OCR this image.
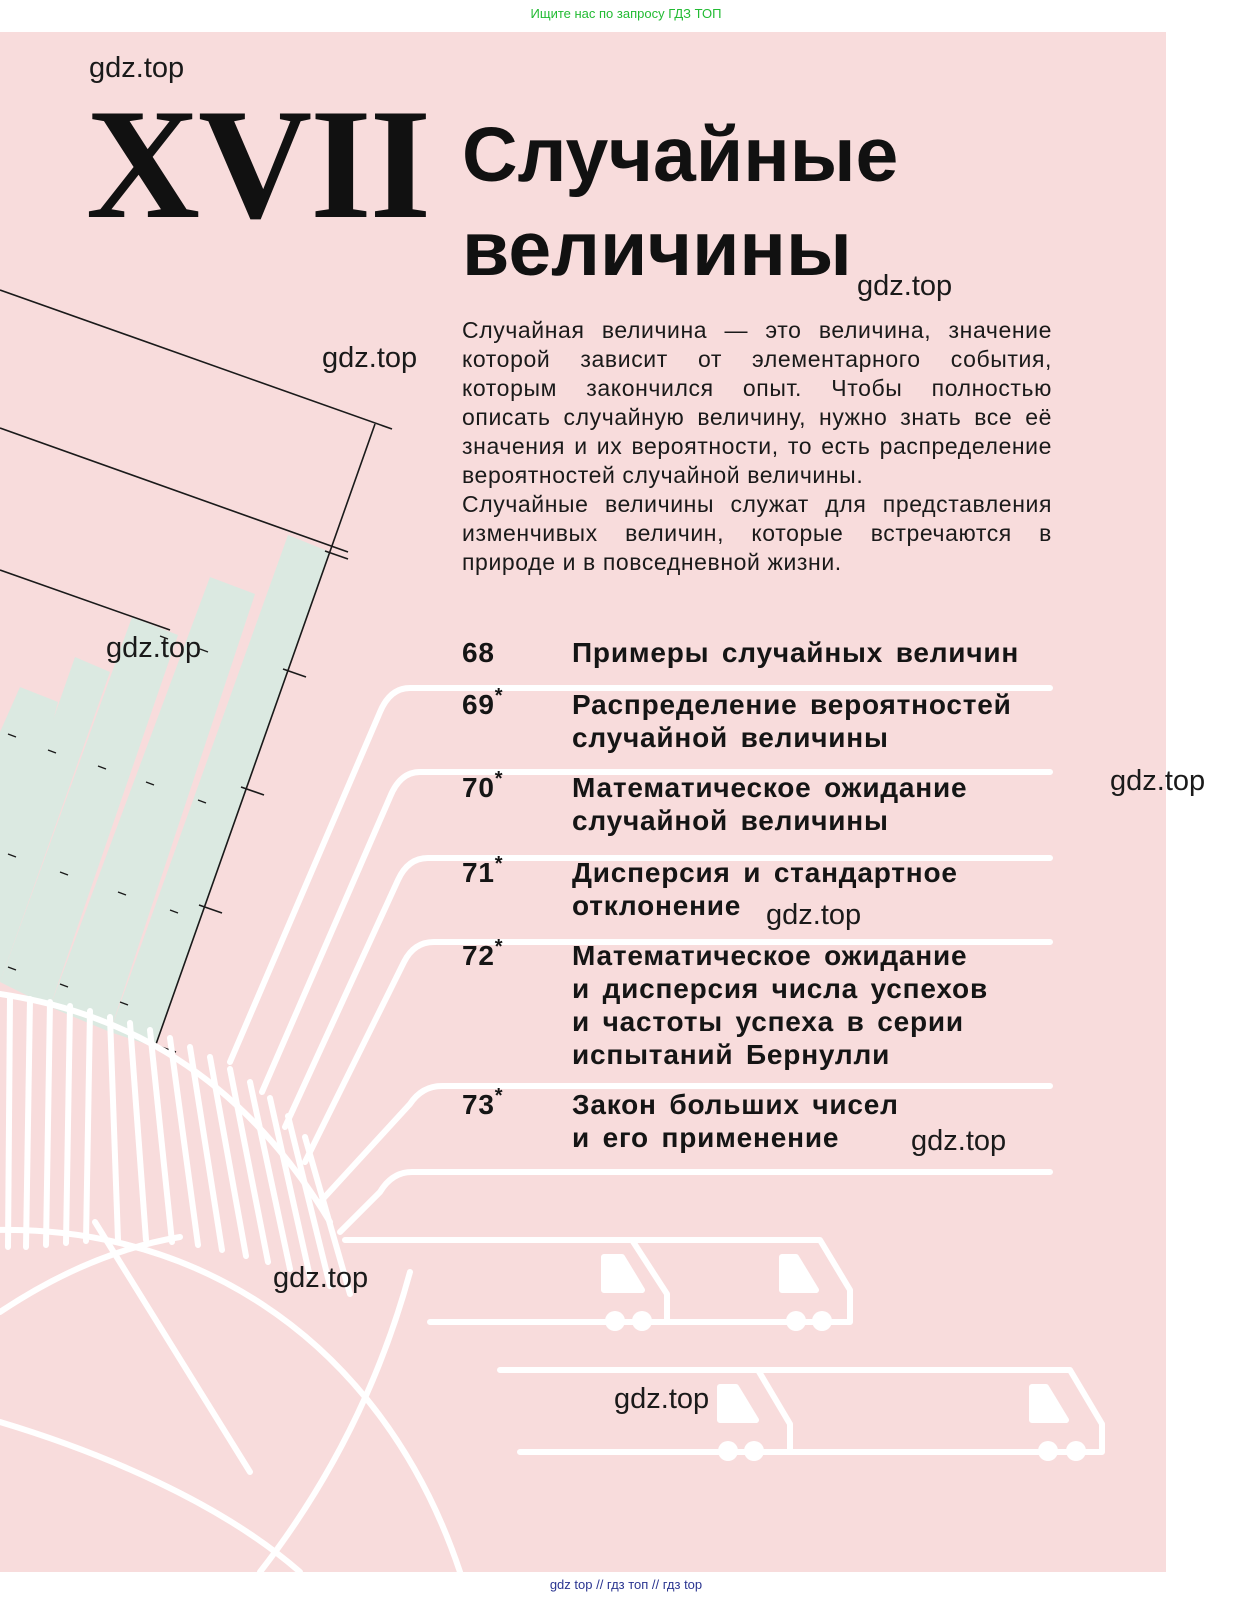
Ищите нас по запросу ГДЗ ТОП
XVII Случайные
величины

Случайная величина — это величина, значение которой зависит от элементарного события, которым закончился опыт. Чтобы полностью описать случайную величину, нужно знать все её значения и их вероятности, то есть распределение вероятностей случайной величины.

Случайные величины служат для представления изменчивых величин, которые встречаются в природе и в повседневной жизни.

68	Примеры случайных величин
69*	Распределение вероятностей
случайной величины
70*	Математическое ожидание
случайной величины
71*	Дисперсия и стандартное
отклонение
72*	Математическое ожидание
и дисперсия числа успехов
и частоты успеха в серии
испытаний Бернулли
73*	Закон больших чисел
и его применение
gdz.top
gdz.top
gdz.top
gdz.top
gdz.top
gdz.top
gdz.top
gdz.top
gdz.top
gdz top // гдз топ // гдз top
